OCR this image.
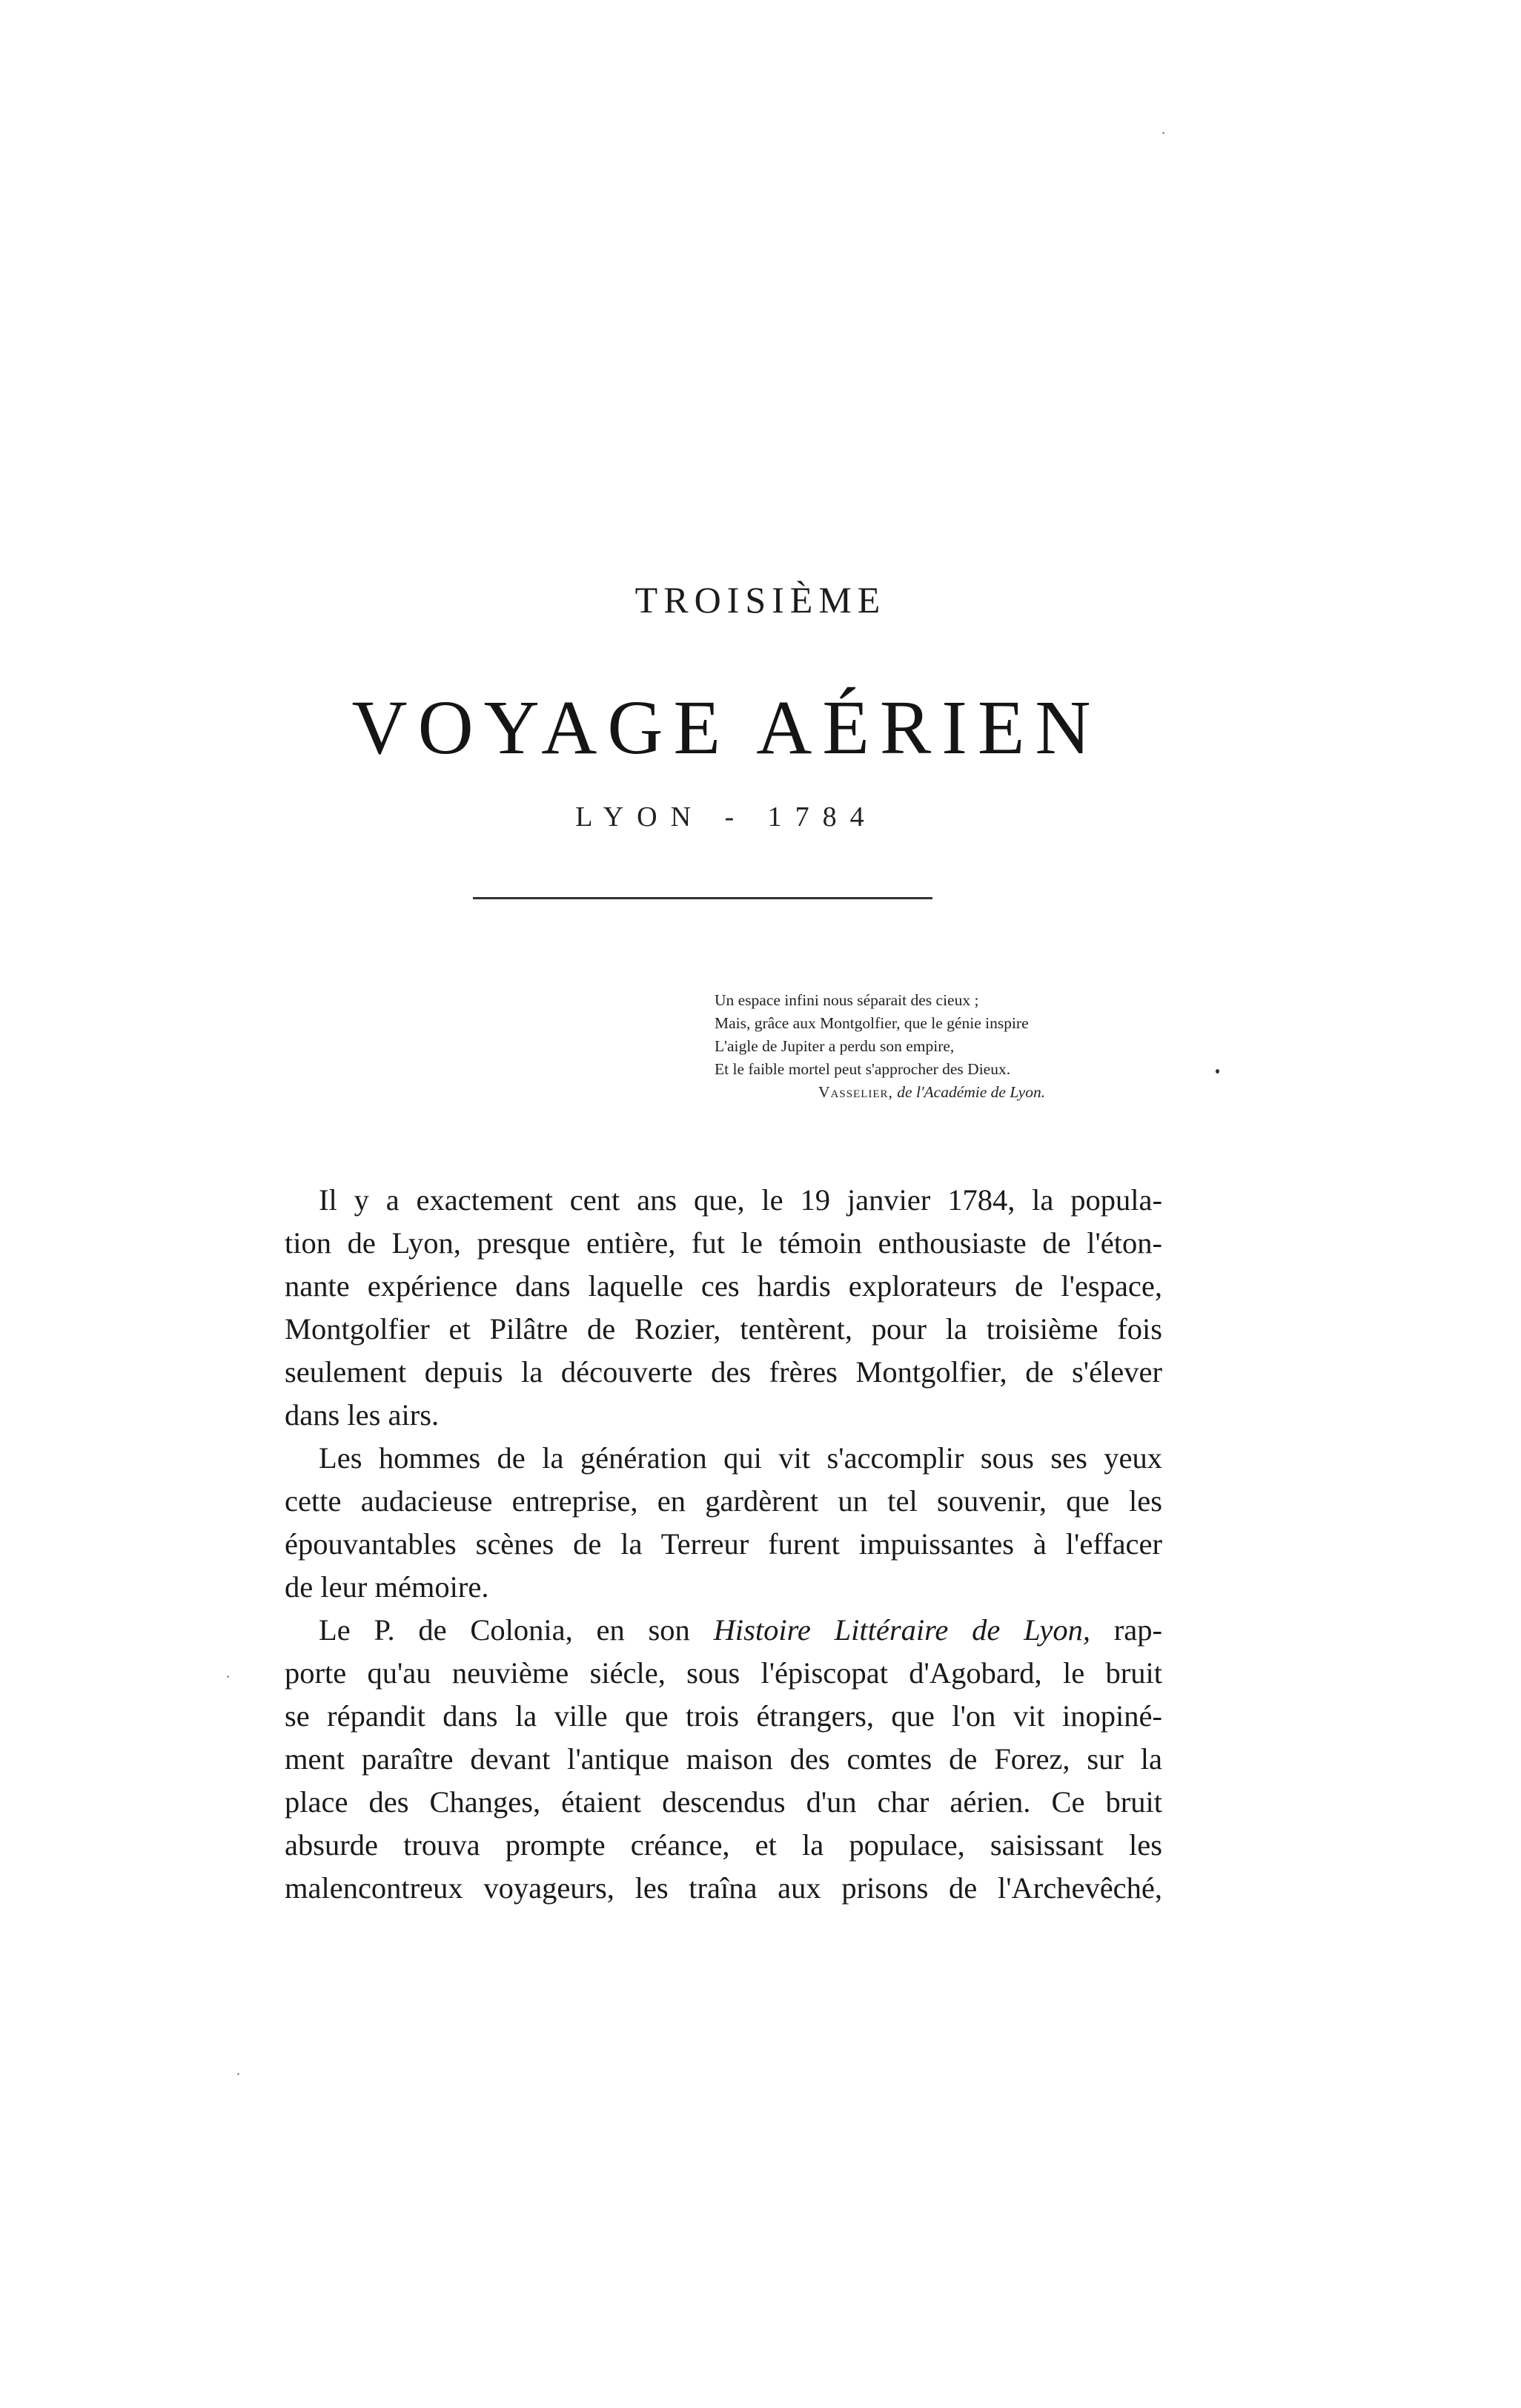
TROISIÈME
VOYAGE AÉRIEN
LYON - 1784
Un espace infini nous séparait des cieux ;
Mais, grâce aux Montgolfier, que le génie inspire
L'aigle de Jupiter a perdu son empire,
Et le faible mortel peut s'approcher des Dieux.
Vasselier, de l'Académie de Lyon.

Il y a exactement cent ans que, le 19 janvier 1784, la popula-
tion de Lyon, presque entière, fut le témoin enthousiaste de l'éton-
nante expérience dans laquelle ces hardis explorateurs de l'espace,
Montgolfier et Pilâtre de Rozier, tentèrent, pour la troisième fois
seulement depuis la découverte des frères Montgolfier, de s'élever
dans les airs.

Les hommes de la génération qui vit s'accomplir sous ses yeux
cette audacieuse entreprise, en gardèrent un tel souvenir, que les
épouvantables scènes de la Terreur furent impuissantes à l'effacer
de leur mémoire.

Le P. de Colonia, en son Histoire Littéraire de Lyon, rap-
porte qu'au neuvième siécle, sous l'épiscopat d'Agobard, le bruit
se répandit dans la ville que trois étrangers, que l'on vit inopiné-
ment paraître devant l'antique maison des comtes de Forez, sur la
place des Changes, étaient descendus d'un char aérien. Ce bruit
absurde trouva prompte créance, et la populace, saisissant les
malencontreux voyageurs, les traîna aux prisons de l'Archevêché,
